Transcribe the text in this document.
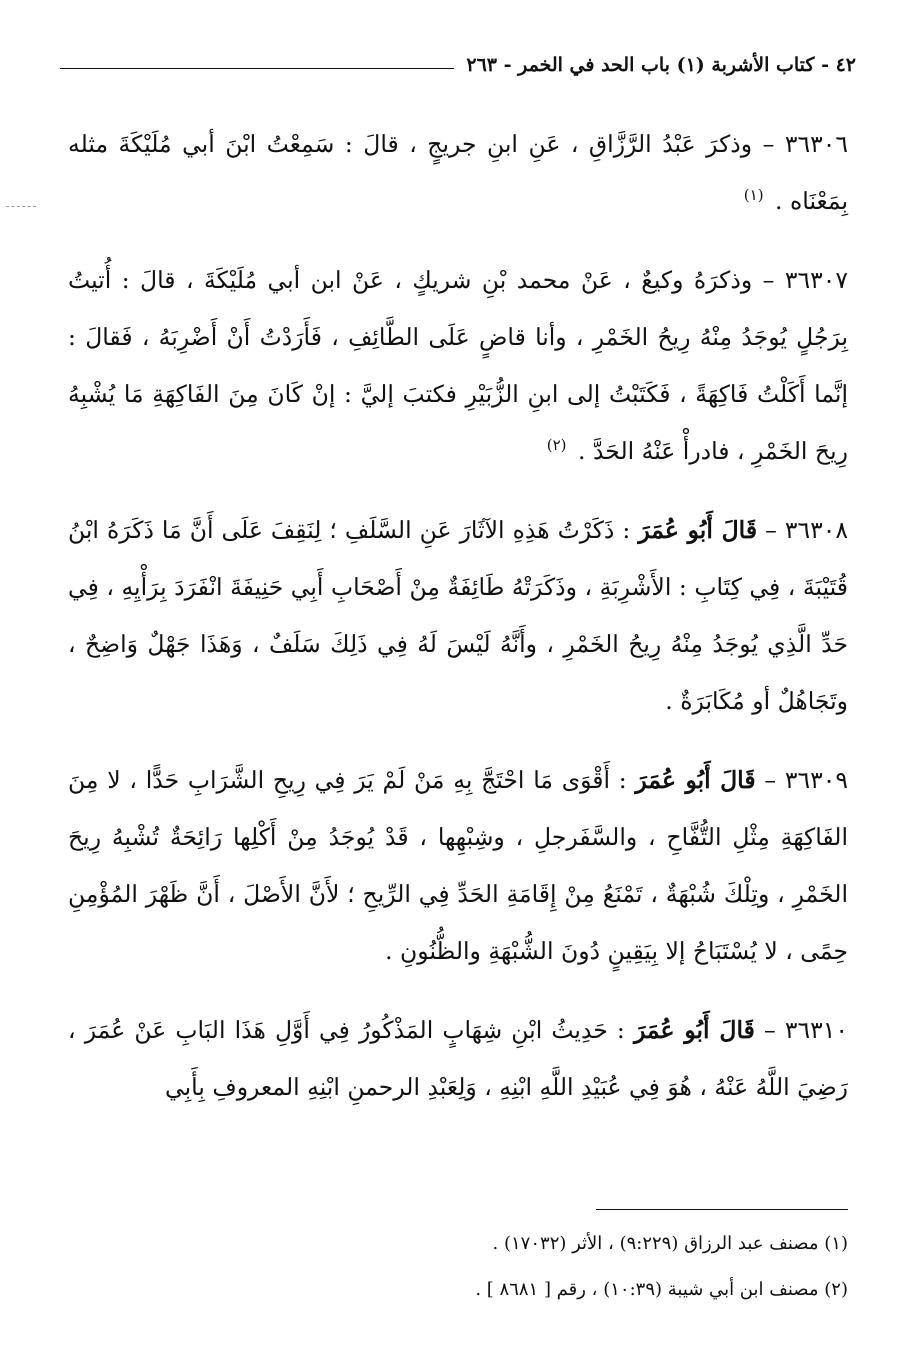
٤٢ - كتاب الأشربة (١) باب الحد في الخمر - ٢٦٣

٣٦٣٠٦ – وذكرَ عَبْدُ الرَّزَّاقِ ، عَنِ ابنِ جريجٍ ، قالَ : سَمِعْتُ ابْنَ أبي مُلَيْكَةَ مثله بِمَعْنَاه . $^{(١)}$

٣٦٣٠٧ – وذكرَهُ وكيعٌ ، عَنْ محمد بْنِ شريكٍ ، عَنْ ابن أبي مُلَيْكَةَ ، قالَ : أُتيتُ بِرَجُلٍ يُوجَدُ مِنْهُ رِيحُ الخَمْرِ ، وأنا قاضٍ عَلَى الطَّائِفِ ، فَأَرَدْتُ أَنْ أَضْرِبَهُ ، فَقالَ : إنَّما أَكَلْتُ فَاكِهَةً ، فَكَتَبْتُ إلى ابنِ الزُّبَيْرِ فكتبَ إليَّ : إنْ كَانَ مِنَ الفَاكِهَةِ مَا يُشْبِهُ رِيحَ الخَمْرِ ، فادرأْ عَنْهُ الحَدَّ . $^{(٢)}$

٣٦٣٠٨ – قَالَ أَبُو عُمَرَ : ذَكَرْتُ هَذِهِ الآثَارَ عَنِ السَّلَفِ ؛ لِنَقِفَ عَلَى أَنَّ مَا ذَكَرَهُ ابْنُ قُتَيْبَةَ ، فِي كِتَابِ : الأَشْرِبَةِ ، وذَكَرَتْهُ طَائِفَةٌ مِنْ أَصْحَابِ أَبِي حَنِيفَةَ انْفَرَدَ بِرَأْيِهِ ، فِي حَدِّ الَّذِي يُوجَدُ مِنْهُ رِيحُ الخَمْرِ ، وأَنَّهُ لَيْسَ لَهُ فِي ذَلِكَ سَلَفٌ ، وَهَذَا جَهْلٌ وَاضِحٌ ، وتَجَاهُلٌ أو مُكَابَرَةٌ .

٣٦٣٠٩ – قَالَ أَبُو عُمَرَ : أَقْوَى مَا احْتَجَّ بِهِ مَنْ لَمْ يَرَ فِي رِيحِ الشَّرَابِ حَدًّا ، لا مِنَ الفَاكِهَةِ مِثْلِ التُّفَّاحِ ، والسَّفَرجلِ ، وشِبْهِها ، قَدْ يُوجَدُ مِنْ أَكْلِها رَائِحَةٌ تُشْبِهُ رِيحَ الخَمْرِ ، وتِلْكَ شُبْهَةٌ ، تَمْنَعُ مِنْ إِقَامَةِ الحَدِّ فِي الرِّيحِ ؛ لأَنَّ الأَصْلَ ، أَنَّ ظَهْرَ المُؤْمِنِ حِمًى ، لا يُسْتَبَاحُ إلا بِيَقِينٍ دُونَ الشُّبْهَةِ والظُّنُونِ .

٣٦٣١٠ – قَالَ أَبُو عُمَرَ : حَدِيثُ ابْنِ شِهَابٍ المَذْكُورُ فِي أَوَّلِ هَذَا البَابِ عَنْ عُمَرَ ، رَضِيَ اللَّهُ عَنْهُ ، هُوَ فِي عُبَيْدِ اللَّهِ ابْنِهِ ، وَلِعَبْدِ الرحمنِ ابْنِهِ المعروفِ بِأَبِي

(١) مصنف عبد الرزاق (٩:٢٢٩) ، الأثر (١٧٠٣٢) .

(٢) مصنف ابن أبي شيبة (١٠:٣٩) ، رقم [ ٨٦٨١ ] .
